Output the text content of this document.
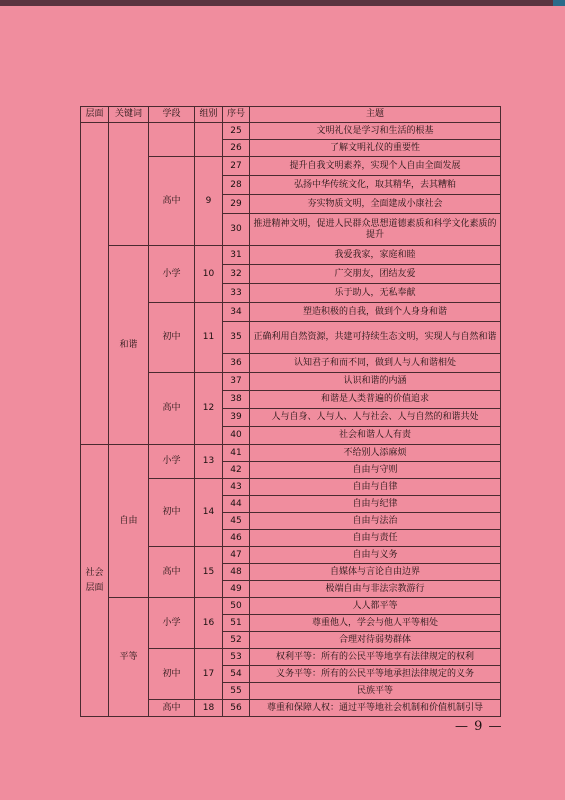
层面	关键词	学段	组别	序号	主题
				25	文明礼仪是学习和生活的根基
				26	了解文明礼仪的重要性
		高中	9	27	提升自我文明素养，实现个人自由全面发展
				28	弘扬中华传统文化，取其精华，去其糟粕
				29	夯实物质文明，全面建成小康社会
				30	推进精神文明，促进人民群众思想道德素质和科学文化素质的提升
	和谐	小学	10	31	我爱我家，家庭和睦
				32	广交朋友，团结友爱
				33	乐于助人，无私奉献
		初中	11	34	塑造积极的自我，做到个人身身和谐
				35	正确利用自然资源，共建可持续生态文明，实现人与自然和谐
				36	认知君子和而不同，做到人与人和谐相处
		高中	12	37	认识和谐的内涵
				38	和谐是人类普遍的价值追求
				39	人与自身、人与人、人与社会、人与自然的和谐共处
				40	社会和谐人人有责
社会层面	自由	小学	13	41	不给别人添麻烦
				42	自由与守则
		初中	14	43	自由与自律
				44	自由与纪律
				45	自由与法治
				46	自由与责任
		高中	15	47	自由与义务
				48	自媒体与言论自由边界
				49	极端自由与非法宗教游行
	平等	小学	16	50	人人都平等
				51	尊重他人，学会与他人平等相处
				52	合理对待弱势群体
		初中	17	53	权利平等：所有的公民平等地享有法律规定的权利
				54	义务平等：所有的公民平等地承担法律规定的义务
				55	民族平等
		高中	18	56	尊重和保障人权：通过平等地社会机制和价值机制引导
— 9 —
